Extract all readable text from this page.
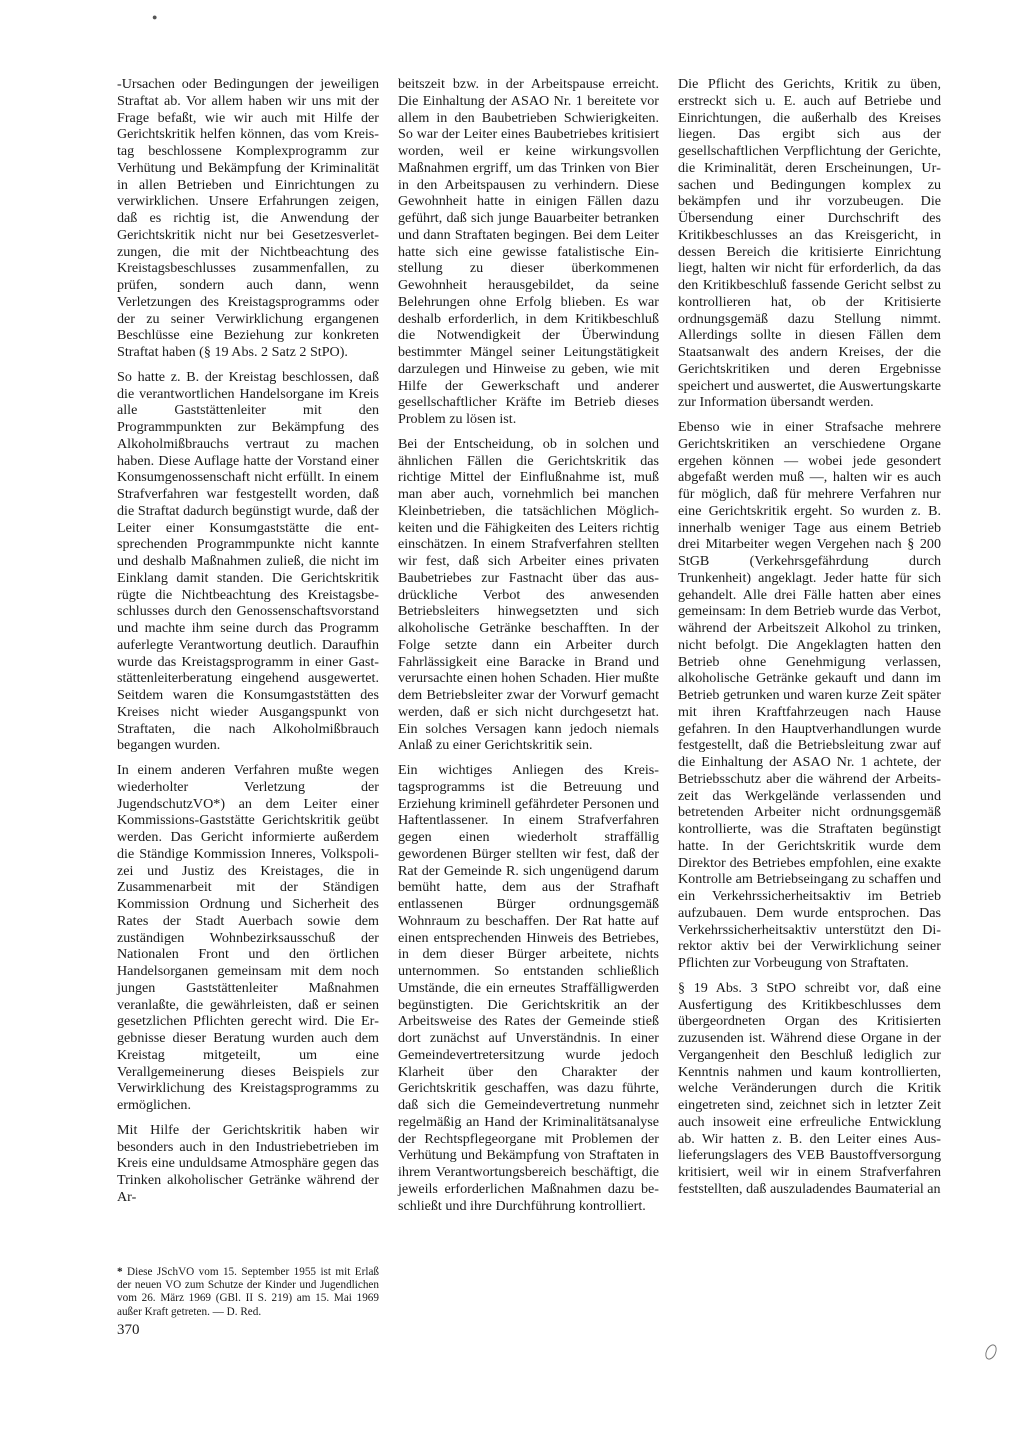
●

-Ursachen oder Bedingungen der jeweiligen Straftat ab. Vor allem haben wir uns mit der Frage befaßt, wie wir auch mit Hilfe der Gerichtskritik helfen können, das vom Kreistag beschlossene Komplexprogramm zur Verhütung und Bekämpfung der Kriminalität in allen Betrieben und Einrichtungen zu verwirklichen. Unsere Erfahrungen zeigen, daß es richtig ist, die Anwendung der Gerichtskritik nicht nur bei Gesetzesverletzungen, die mit der Nichtbeachtung des Kreistagsbeschlusses zusammenfallen, zu prüfen, sondern auch dann, wenn Verletzungen des Kreistagsprogramms oder der zu seiner Verwirklichung ergangenen Beschlüsse eine Beziehung zur konkreten Straftat haben (§ 19 Abs. 2 Satz 2 StPO).

So hatte z. B. der Kreistag beschlossen, daß die verantwortlichen Handelsorgane im Kreis alle Gaststättenleiter mit den Programmpunkten zur Bekämpfung des Alkoholmißbrauchs vertraut zu machen haben. Diese Auflage hatte der Vorstand einer Konsumgenossenschaft nicht erfüllt. In einem Strafverfahren war festgestellt worden, daß die Straftat dadurch begünstigt wurde, daß der Leiter einer Konsumgaststätte die entsprechenden Programmpunkte nicht kannte und deshalb Maßnahmen zuließ, die nicht im Einklang damit standen. Die Gerichtskritik rügte die Nichtbeachtung des Kreistagsbeschlusses durch den Genossenschaftsvorstand und machte ihm seine durch das Programm auferlegte Verantwortung deutlich. Daraufhin wurde das Kreistagsprogramm in einer Gaststättenleiterberatung eingehend ausgewertet. Seitdem waren die Konsumgaststätten des Kreises nicht wieder Ausgangspunkt von Straftaten, die nach Alkoholmißbrauch begangen wurden.

In einem anderen Verfahren mußte wegen wiederholter Verletzung der JugendschutzVO*) an dem Leiter einer Kommissions-Gaststätte Gerichtskritik geübt werden. Das Gericht informierte außerdem die Ständige Kommission Inneres, Volkspolizei und Justiz des Kreistages, die in Zusammenarbeit mit der Ständigen Kommission Ordnung und Sicherheit des Rates der Stadt Auerbach sowie dem zuständigen Wohnbezirksausschuß der Nationalen Front und den örtlichen Handelsorganen gemeinsam mit dem noch jungen Gaststättenleiter Maßnahmen veranlaßte, die gewährleisten, daß er seinen gesetzlichen Pflichten gerecht wird. Die Ergebnisse dieser Beratung wurden auch dem Kreistag mitgeteilt, um eine Verallgemeinerung dieses Beispiels zur Verwirklichung des Kreistagsprogramms zu ermöglichen.

Mit Hilfe der Gerichtskritik haben wir besonders auch in den Industriebetrieben im Kreis eine unduldsame Atmosphäre gegen das Trinken alkoholischer Getränke während der Ar-

beitszeit bzw. in der Arbeitspause erreicht. Die Einhaltung der ASAO Nr. 1 bereitete vor allem in den Baubetrieben Schwierigkeiten. So war der Leiter eines Baubetriebes kritisiert worden, weil er keine wirkungsvollen Maßnahmen ergriff, um das Trinken von Bier in den Arbeitspausen zu verhindern. Diese Gewohnheit hatte in einigen Fällen dazu geführt, daß sich junge Bauarbeiter betranken und dann Straftaten begingen. Bei dem Leiter hatte sich eine gewisse fatalistische Einstellung zu dieser überkommenen Gewohnheit herausgebildet, da seine Belehrungen ohne Erfolg blieben. Es war deshalb erforderlich, in dem Kritikbeschluß die Notwendigkeit der Überwindung bestimmter Mängel seiner Leitungstätigkeit darzulegen und Hinweise zu geben, wie mit Hilfe der Gewerkschaft und anderer gesellschaftlicher Kräfte im Betrieb dieses Problem zu lösen ist.

Bei der Entscheidung, ob in solchen und ähnlichen Fällen die Gerichtskritik das richtige Mittel der Einflußnahme ist, muß man aber auch, vornehmlich bei manchen Kleinbetrieben, die tatsächlichen Möglichkeiten und die Fähigkeiten des Leiters richtig einschätzen. In einem Strafverfahren stellten wir fest, daß sich Arbeiter eines privaten Baubetriebes zur Fastnacht über das ausdrückliche Verbot des anwesenden Betriebsleiters hinwegsetzten und sich alkoholische Getränke beschafften. In der Folge setzte dann ein Arbeiter durch Fahrlässigkeit eine Baracke in Brand und verursachte einen hohen Schaden. Hier mußte dem Betriebsleiter zwar der Vorwurf gemacht werden, daß er sich nicht durchgesetzt hat. Ein solches Versagen kann jedoch niemals Anlaß zu einer Gerichtskritik sein.

Ein wichtiges Anliegen des Kreistagsprogramms ist die Betreuung und Erziehung kriminell gefährdeter Personen und Haftentlassener. In einem Strafverfahren gegen einen wiederholt straffällig gewordenen Bürger stellten wir fest, daß der Rat der Gemeinde R. sich ungenügend darum bemüht hatte, dem aus der Strafhaft entlassenen Bürger ordnungsgemäß Wohnraum zu beschaffen. Der Rat hatte auf einen entsprechenden Hinweis des Betriebes, in dem dieser Bürger arbeitete, nichts unternommen. So entstanden schließlich Umstände, die ein erneutes Straffälligwerden begünstigten. Die Gerichtskritik an der Arbeitsweise des Rates der Gemeinde stieß dort zunächst auf Unverständnis. In einer Gemeindevertretersitzung wurde jedoch Klarheit über den Charakter der Gerichtskritik geschaffen, was dazu führte, daß sich die Gemeindevertretung nunmehr regelmäßig an Hand der Kriminalitätsanalyse der Rechtspflegeorgane mit Problemen der Verhütung und Bekämpfung von Straftaten in ihrem Verantwortungsbereich beschäftigt, die jeweils erforderlichen Maßnahmen dazu beschließt und ihre Durchführung kontrolliert.

Die Pflicht des Gerichts, Kritik zu üben, erstreckt sich u. E. auch auf Betriebe und Einrichtungen, die außerhalb des Kreises liegen. Das ergibt sich aus der gesellschaftlichen Verpflichtung der Gerichte, die Kriminalität, deren Erscheinungen, Ursachen und Bedingungen komplex zu bekämpfen und ihr vorzubeugen. Die Übersendung einer Durchschrift des Kritikbeschlusses an das Kreisgericht, in dessen Bereich die kritisierte Einrichtung liegt, halten wir nicht für erforderlich, da das den Kritikbeschluß fassende Gericht selbst zu kontrollieren hat, ob der Kritisierte ordnungsgemäß dazu Stellung nimmt. Allerdings sollte in diesen Fällen dem Staatsanwalt des andern Kreises, der die Gerichtskritiken und deren Ergebnisse speichert und auswertet, die Auswertungskarte zur Information übersandt werden.

Ebenso wie in einer Strafsache mehrere Gerichtskritiken an verschiedene Organe ergehen können — wobei jede gesondert abgefaßt werden muß —, halten wir es auch für möglich, daß für mehrere Verfahren nur eine Gerichtskritik ergeht. So wurden z. B. innerhalb weniger Tage aus einem Betrieb drei Mitarbeiter wegen Vergehen nach § 200 StGB (Verkehrsgefährdung durch Trunkenheit) angeklagt. Jeder hatte für sich gehandelt. Alle drei Fälle hatten aber eines gemeinsam: In dem Betrieb wurde das Verbot, während der Arbeitszeit Alkohol zu trinken, nicht befolgt. Die Angeklagten hatten den Betrieb ohne Genehmigung verlassen, alkoholische Getränke gekauft und dann im Betrieb getrunken und waren kurze Zeit später mit ihren Kraftfahrzeugen nach Hause gefahren. In den Hauptverhandlungen wurde festgestellt, daß die Betriebsleitung zwar auf die Einhaltung der ASAO Nr. 1 achtete, der Betriebsschutz aber die während der Arbeitszeit das Werkgelände verlassenden und betretenden Arbeiter nicht ordnungsgemäß kontrollierte, was die Straftaten begünstigt hatte. In der Gerichtskritik wurde dem Direktor des Betriebes empfohlen, eine exakte Kontrolle am Betriebseingang zu schaffen und ein Verkehrssicherheitsaktiv im Betrieb aufzubauen. Dem wurde entsprochen. Das Verkehrssicherheitsaktiv unterstützt den Direktor aktiv bei der Verwirklichung seiner Pflichten zur Vorbeugung von Straftaten.

§ 19 Abs. 3 StPO schreibt vor, daß eine Ausfertigung des Kritikbeschlusses dem übergeordneten Organ des Kritisierten zuzusenden ist. Während diese Organe in der Vergangenheit den Beschluß lediglich zur Kenntnis nahmen und kaum kontrollierten, welche Veränderungen durch die Kritik eingetreten sind, zeichnet sich in letzter Zeit auch insoweit eine erfreuliche Entwicklung ab. Wir hatten z. B. den Leiter eines Auslieferungslagers des VEB Baustoffversorgung kritisiert, weil wir in einem Strafverfahren feststellten, daß auszuladendes Baumaterial an

* Diese JSchVO vom 15. September 1955 ist mit Erlaß der neuen VO zum Schutze der Kinder und Jugendlichen vom 26. März 1969 (GBl. II S. 219) am 15. Mai 1969 außer Kraft getreten. — D. Red.
370
